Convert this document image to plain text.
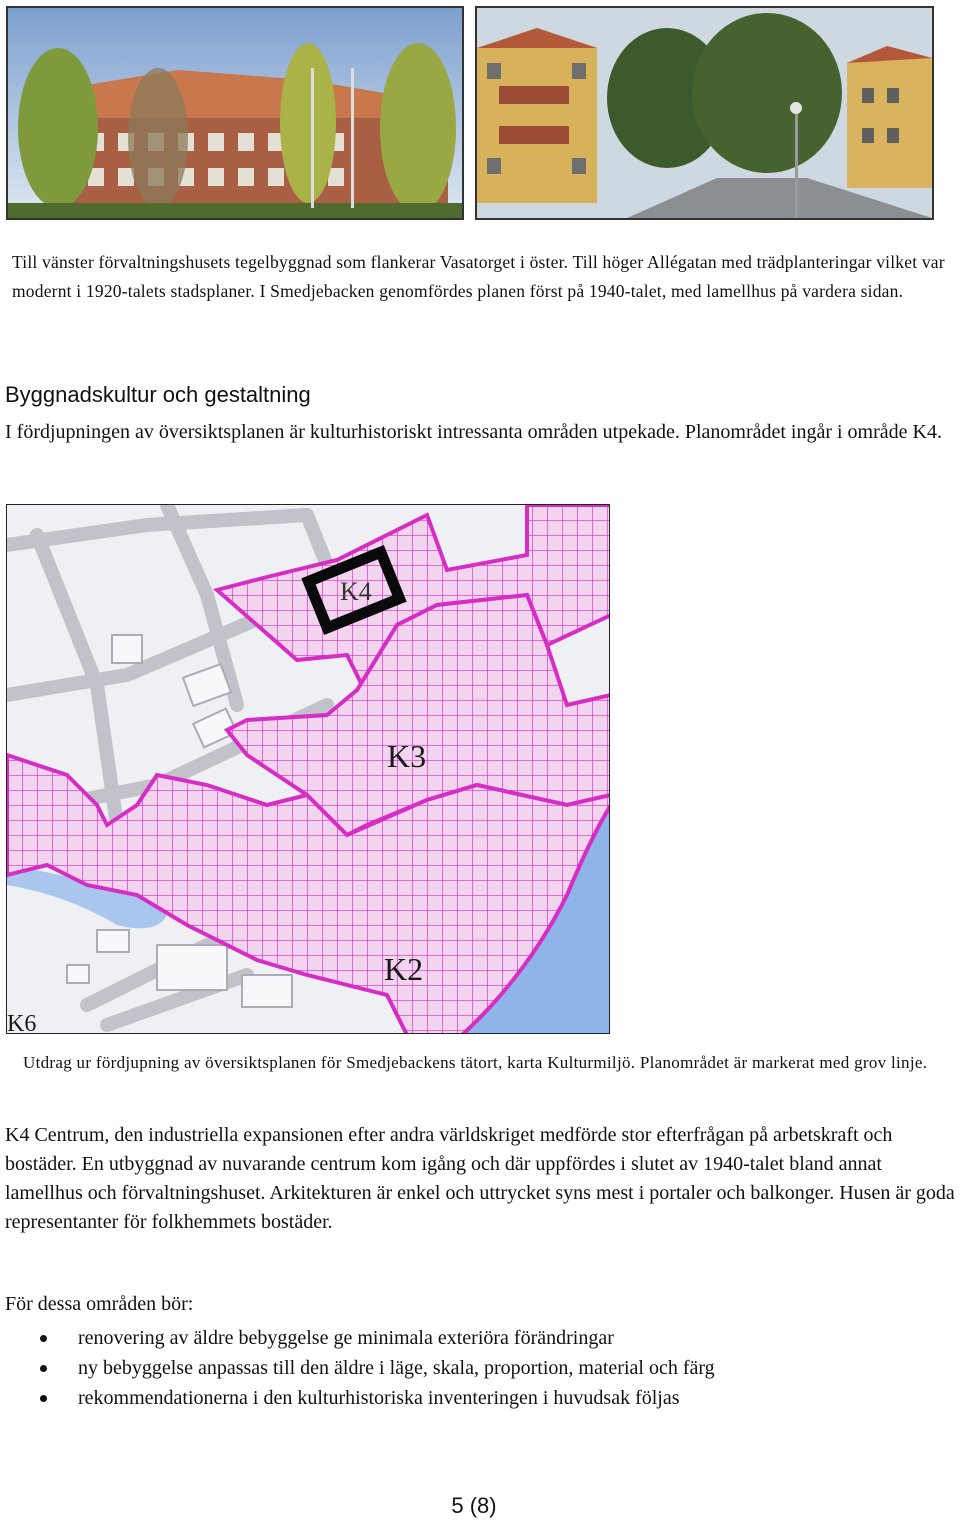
Till vänster förvaltningshusets tegelbyggnad som flankerar Vasatorget i öster. Till höger Allégatan med trädplanteringar vilket var modernt i 1920-talets stadsplaner. I Smedjebacken genomfördes planen först på 1940-talet, med lamellhus på vardera sidan.
Byggnadskultur och gestaltning
I fördjupningen av översiktsplanen är kulturhistoriskt intressanta områden utpekade. Planområdet ingår i område K4.
K4
K3
K2
K6
Utdrag ur fördjupning av översiktsplanen för Smedjebackens tätort, karta Kulturmiljö. Planområdet är markerat med grov linje.
K4 Centrum, den industriella expansionen efter andra världskriget medförde stor efterfrågan på arbetskraft och bostäder. En utbyggnad av nuvarande centrum kom igång och där uppfördes i slutet av 1940-talet bland annat lamellhus och förvaltningshuset. Arkitekturen är enkel och uttrycket syns mest i portaler och balkonger. Husen är goda representanter för folkhemmets bostäder.
För dessa områden bör:
renovering av äldre bebyggelse ge minimala exteriöra förändringar
ny bebyggelse anpassas till den äldre i läge, skala, proportion, material och färg
rekommendationerna i den kulturhistoriska inventeringen i huvudsak följas
5 (8)
